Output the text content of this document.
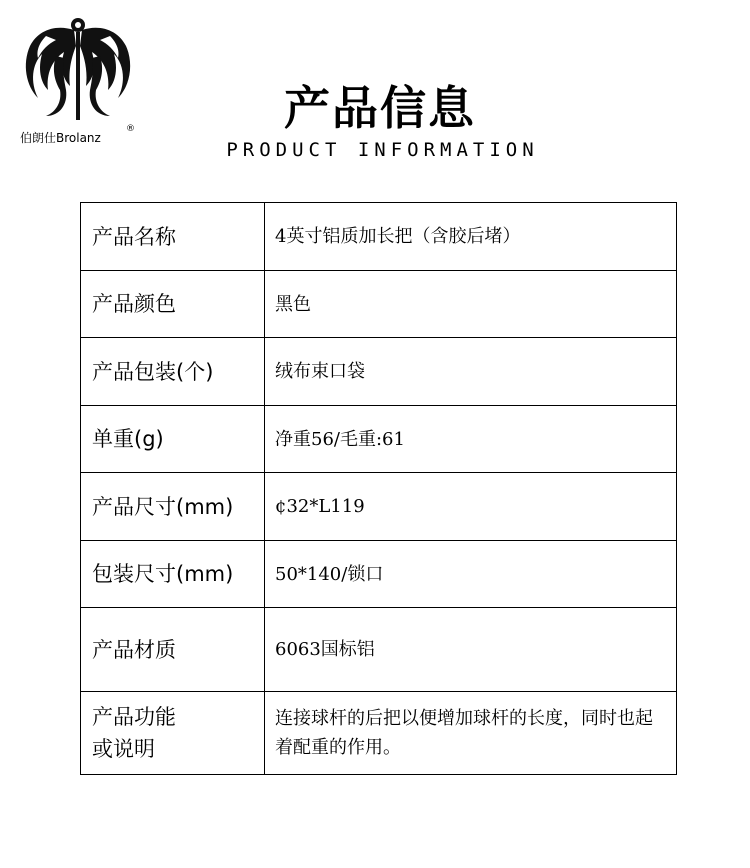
伯朗仕Brolanz
®	产品信息
PRODUCT INFORMATION
产品名称	4英寸铝质加长把（含胶后堵）
产品颜色	黑色
产品包装(个)	绒布束口袋
单重(g)	净重56/毛重:61
产品尺寸(mm)	¢32*L119
包装尺寸(mm)	50*140/锁口
产品材质	6063国标铝
产品功能
或说明	连接球杆的后把以便增加球杆的长度，同时也起着配重的作用。
